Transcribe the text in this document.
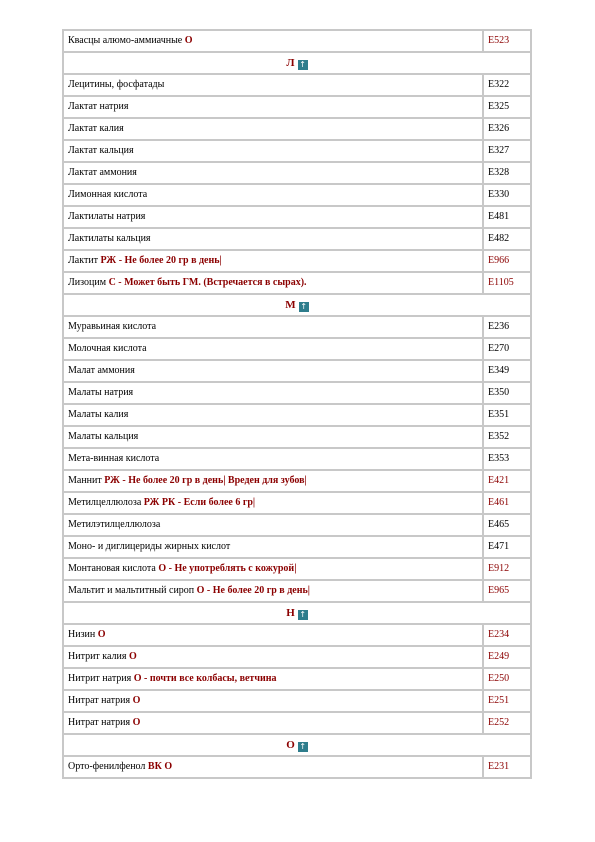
Квасцы алюмо-аммиачные О	E523
Л ↑
Лецитины, фосфатады	E322
Лактат натрия	E325
Лактат калия	E326
Лактат кальция	E327
Лактат аммония	E328
Лимонная кислота	E330
Лактилаты натрия	E481
Лактилаты кальция	E482
Лактит РЖ - Не более 20 гр в день|	E966
Лизоцим С - Может быть ГМ. (Встречается в сырах).	E1105
М ↑
Муравьиная кислота	E236
Молочная кислота	E270
Малат аммония	E349
Малаты натрия	E350
Малаты калия	E351
Малаты кальция	E352
Мета-винная кислота	E353
Маннит РЖ - Не более 20 гр в день| Вреден для зубов|	E421
Метилцеллюлоза РЖ РК - Если более 6 гр|	E461
Метилэтилцеллюлоза	E465
Моно- и диглицериды жирных кислот	E471
Монтановая кислота О - Не употреблять с кожурой|	E912
Мальтит и мальтитный сироп О - Не более 20 гр в день|	E965
Н ↑
Низин О	E234
Нитрит калия О	E249
Нитрит натрия О - почти все колбасы, ветчина	E250
Нитрат натрия О	E251
Нитрат натрия О	E252
О ↑
Орто-фенилфенол ВК О	E231
